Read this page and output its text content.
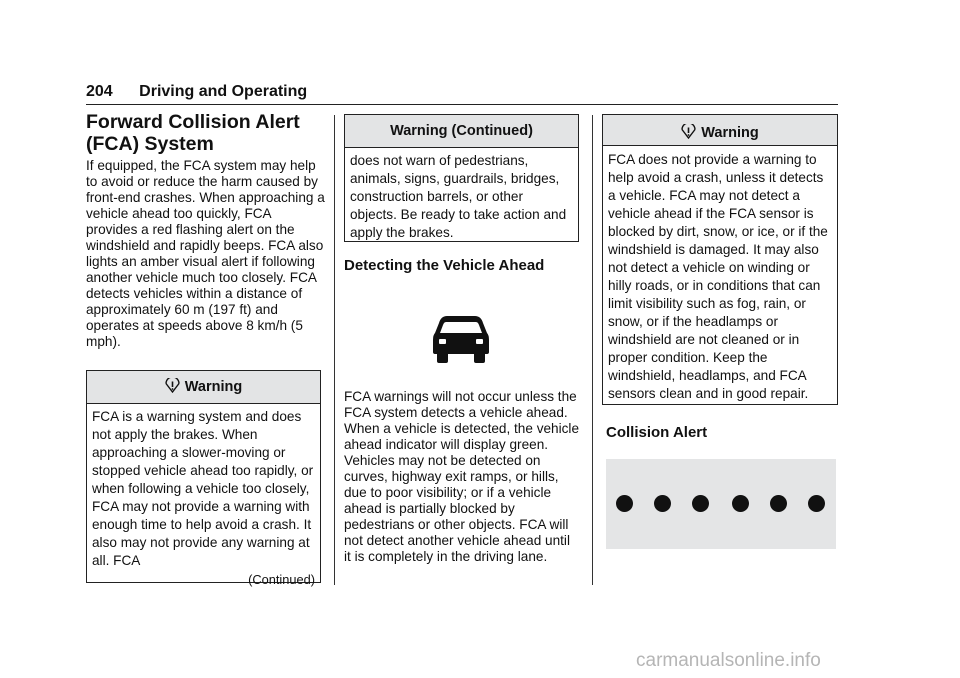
204 Driving and Operating
Forward Collision Alert (FCA) System
If equipped, the FCA system may help to avoid or reduce the harm caused by front-end crashes. When approaching a vehicle ahead too quickly, FCA provides a red flashing alert on the windshield and rapidly beeps. FCA also lights an amber visual alert if following another vehicle much too closely. FCA detects vehicles within a distance of approximately 60 m (197 ft) and operates at speeds above 8 km/h (5 mph).
Warning
FCA is a warning system and does not apply the brakes. When approaching a slower-moving or stopped vehicle ahead too rapidly, or when following a vehicle too closely, FCA may not provide a warning with enough time to help avoid a crash. It also may not provide any warning at all. FCA
(Continued)
Warning (Continued)
does not warn of pedestrians, animals, signs, guardrails, bridges, construction barrels, or other objects. Be ready to take action and apply the brakes.
Detecting the Vehicle Ahead
FCA warnings will not occur unless the FCA system detects a vehicle ahead. When a vehicle is detected, the vehicle ahead indicator will display green. Vehicles may not be detected on curves, highway exit ramps, or hills, due to poor visibility; or if a vehicle ahead is partially blocked by pedestrians or other objects. FCA will not detect another vehicle ahead until it is completely in the driving lane.
Warning
FCA does not provide a warning to help avoid a crash, unless it detects a vehicle. FCA may not detect a vehicle ahead if the FCA sensor is blocked by dirt, snow, or ice, or if the windshield is damaged. It may also not detect a vehicle on winding or hilly roads, or in conditions that can limit visibility such as fog, rain, or snow, or if the headlamps or windshield are not cleaned or in proper condition. Keep the windshield, headlamps, and FCA sensors clean and in good repair.
Collision Alert
carmanualsonline.info
